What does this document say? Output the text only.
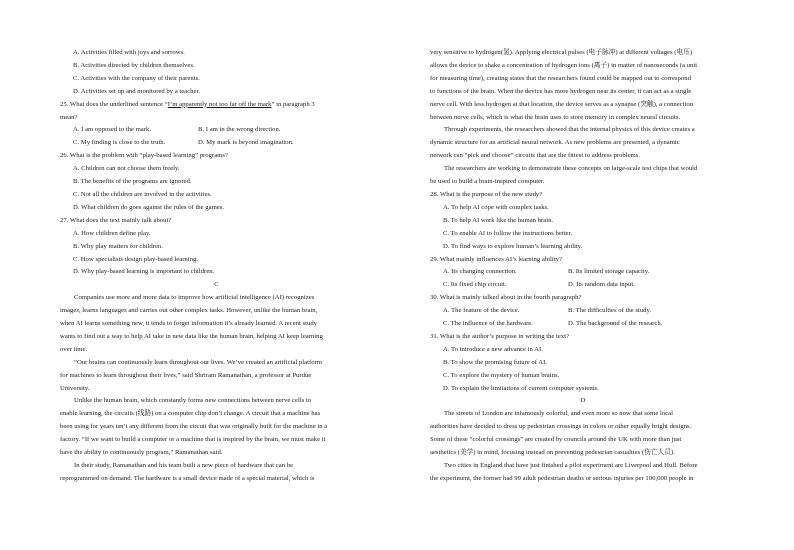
A. Activities filled with joys and sorrows.
B. Activities directed by children themselves.
C. Activities with the company of their parents.
D. Activities set up and monitored by a teacher.
25. What does the underlined sentence “I’m apparently not too far off the mark” in paragraph 3
mean?
A. I am opposed to the mark.	B. I am in the wrong direction.
C. My finding is close to the truth.	D. My mark is beyond imagination.
26. What is the problem with “play-based learning” programs?
A. Children can not choose them freely.
B. The benefits of the programs are ignored.
C. Not all the children are involved in the activities.
D. What children do goes against the rules of the games.
27. What does the text mainly talk about?
A. How children define play.
B. Why play matters for children.
C. How specialists design play-based learning.
D. Why play-based learning is important to children.
C
Companies use more and more data to improve how artificial intelligence (AI) recognizes
images, learns languages and carries out other complex tasks. However, unlike the human brain,
when AI learns something new, it tends to forget information it’s already learned. A recent study
wants to find out a way to help AI take in new data like the human brain, helping AI keep learning
over time.
“Our brains can continuously learn throughout our lives. We’ve created an artificial platform
for machines to learn throughout their lives,” said Shriram Ramanathan, a professor at Purdue
University.
Unlike the human brain, which constantly forms new connections between nerve cells to
enable learning, the circuits (线路) on a computer chip don’t change. A circuit that a machine has
been using for years isn’t any different from the circuit that was originally built for the machine in a
factory. “If we want to build a computer or a machine that is inspired by the brain, we must make it
have the ability to continuously program,” Ramanathan said.
In their study, Ramanathan and his team built a new piece of hardware that can be
reprogrammed on demand. The hardware is a small device made of a special material, which is
very sensitive to hydrogen(氢). Applying electrical pulses (电子脉冲) at different voltages (电压)
allows the device to shake a concentration of hydrogen ions (离子) in matter of nanoseconds (a unit
for measuring time), creating states that the researchers found could be mapped out to correspond
to functions of the brain. When the device has more hydrogen near its center, it can act as a single
nerve cell. With less hydrogen at that location, the device serves as a synapse (突触), a connection
between nerve cells, which is what the brain uses to store memory in complex neural circuits.
Through experiments, the researchers showed that the internal physics of this device creates a
dynamic structure for an artificial neural network. As new problems are presented, a dynamic
network can “pick and choose” circuits that are the fittest to address problems.
The researchers are working to demonstrate these concepts on large-scale test chips that would
be used to build a brain-inspired computer.
28. What is the purpose of the new study?
A. To help AI cope with complex tasks.
B. To help AI work like the human brain.
C. To enable AI to follow the instructions better.
D. To find ways to explore human’s learning ability.
29. What mainly influences AI’s learning ability?
A. Its changing connection.	B. Its limited storage capacity.
C. Its fixed chip circuit.	D. Its random data input.
30. What is mainly talked about in the fourth paragraph?
A. The feature of the device.	B. The difficulties of the study.
C. The influence of the hardware.	D. The background of the research.
31. What is the author’s purpose in writing the text?
A. To introduce a new advance in AI.
B. To show the promising future of AI.
C. To explore the mystery of human brains.
D. To explain the limitations of current computer systems.
D
The streets of London are infamously colorful, and even more so now that some local
authorities have decided to dress up pedestrian crossings in colors or other equally bright designs.
Some of these “colorful crossings” are created by councils around the UK with more than just
aesthetics (美学) in mind, focusing instead on preventing pedestrian casualties (伤亡人员).
Two cities in England that have just finished a pilot experiment are Liverpool and Hull. Before
the experiment, the former had 99 adult pedestrian deaths or serious injuries per 100,000 people in
